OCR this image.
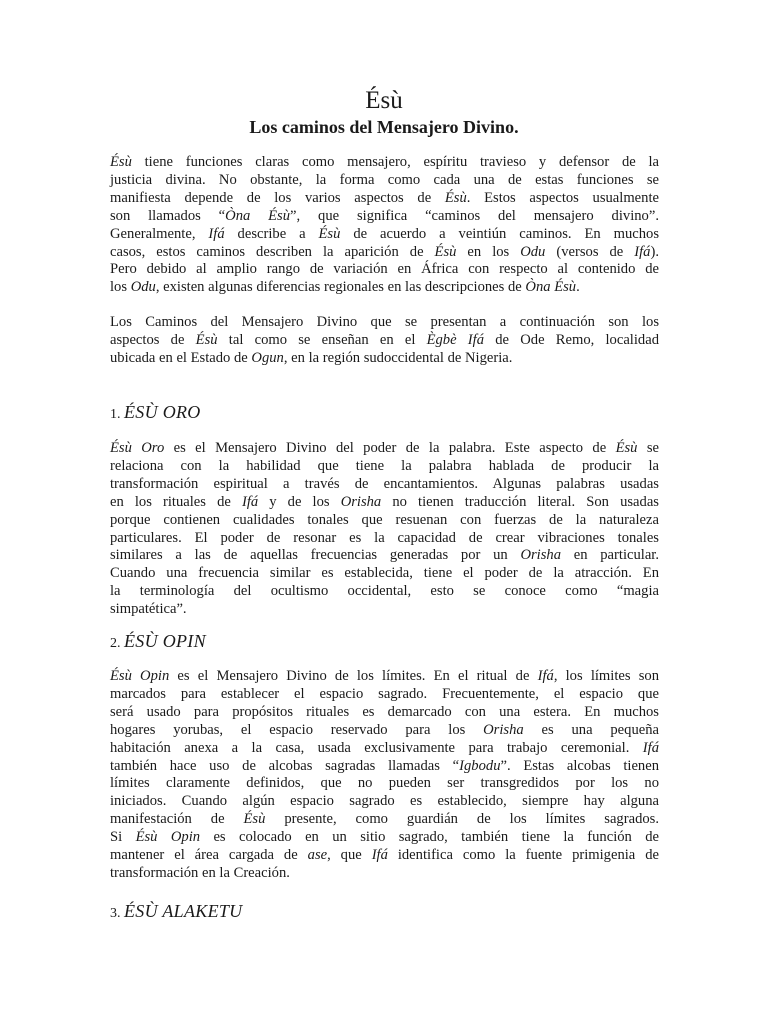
Ésù
Los caminos del Mensajero Divino.

Ésù tiene funciones claras como mensajero, espíritu travieso y defensor de la
justicia divina. No obstante, la forma como cada una de estas funciones se
manifiesta depende de los varios aspectos de Ésù. Estos aspectos usualmente
son llamados “Òna Ésù”, que significa “caminos del mensajero divino”.
Generalmente, Ifá describe a Ésù de acuerdo a veintiún caminos. En muchos
casos, estos caminos describen la aparición de Ésù en los Odu (versos de Ifá).
Pero debido al amplio rango de variación en África con respecto al contenido de
los Odu, existen algunas diferencias regionales en las descripciones de Òna Ésù.

Los Caminos del Mensajero Divino que se presentan a continuación son los
aspectos de Ésù tal como se enseñan en el Ègbè Ifá de Ode Remo, localidad
ubicada en el Estado de Ogun, en la región sudoccidental de Nigeria.

1. ÉSÙ ORO

Ésù Oro es el Mensajero Divino del poder de la palabra. Este aspecto de Ésù se
relaciona con la habilidad que tiene la palabra hablada de producir la
transformación espiritual a través de encantamientos. Algunas palabras usadas
en los rituales de Ifá y de los Orisha no tienen traducción literal. Son usadas
porque contienen cualidades tonales que resuenan con fuerzas de la naturaleza
particulares. El poder de resonar es la capacidad de crear vibraciones tonales
similares a las de aquellas frecuencias generadas por un Orisha en particular.
Cuando una frecuencia similar es establecida, tiene el poder de la atracción. En
la terminología del ocultismo occidental, esto se conoce como “magia
simpatética”.

2. ÉSÙ OPIN

Ésù Opin es el Mensajero Divino de los límites. En el ritual de Ifá, los límites son
marcados para establecer el espacio sagrado. Frecuentemente, el espacio que
será usado para propósitos rituales es demarcado con una estera. En muchos
hogares yorubas, el espacio reservado para los Orisha es una pequeña
habitación anexa a la casa, usada exclusivamente para trabajo ceremonial. Ifá
también hace uso de alcobas sagradas llamadas “Igbodu”. Estas alcobas tienen
límites claramente definidos, que no pueden ser transgredidos por los no
iniciados. Cuando algún espacio sagrado es establecido, siempre hay alguna
manifestación de Ésù presente, como guardián de los límites sagrados.
Si Ésù Opin es colocado en un sitio sagrado, también tiene la función de
mantener el área cargada de ase, que Ifá identifica como la fuente primigenia de
transformación en la Creación.

3. ÉSÙ ALAKETU
